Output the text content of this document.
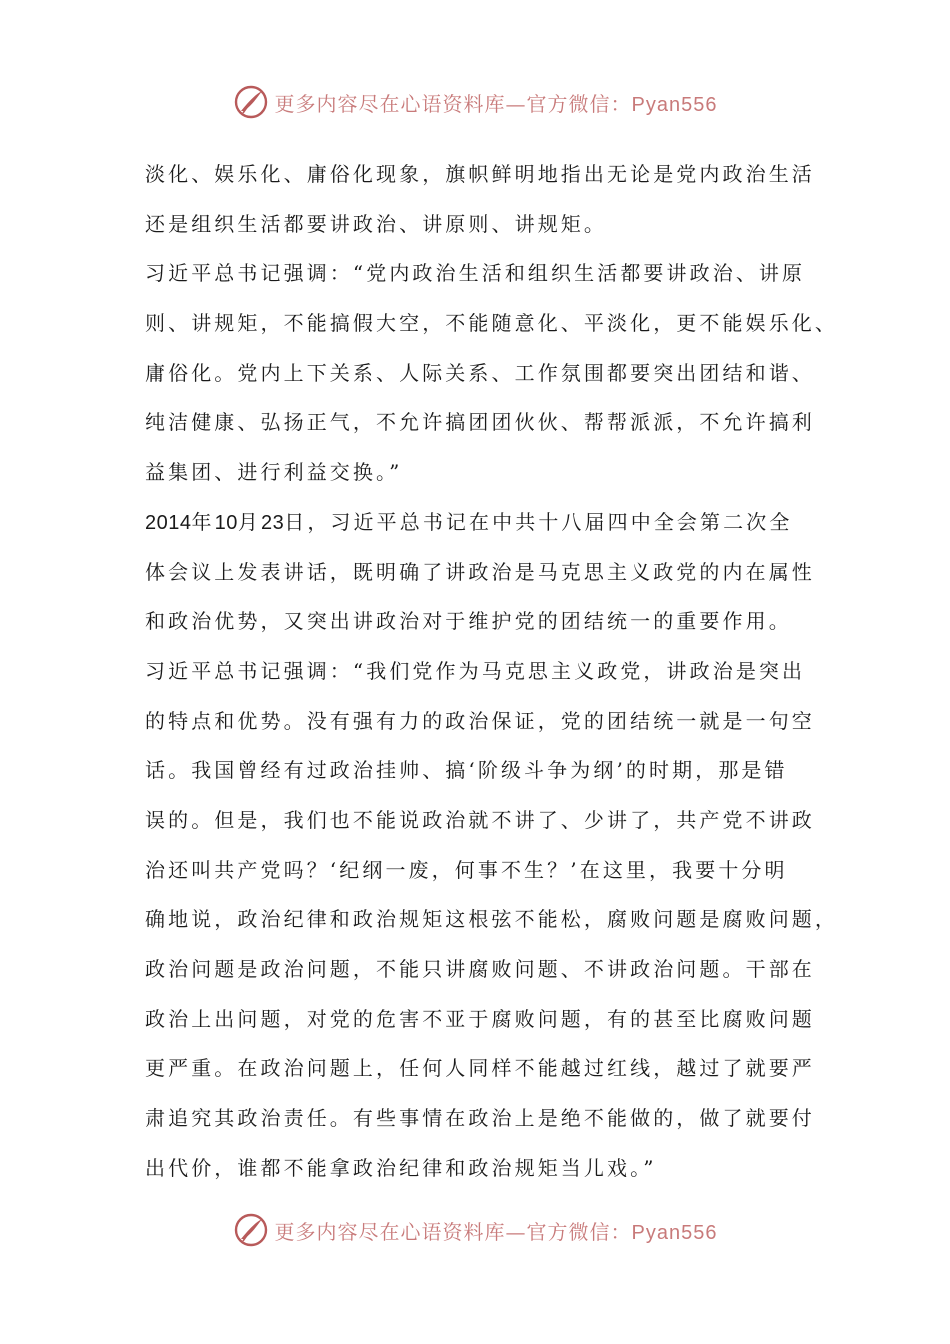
更多内容尽在心语资料库—官方微信：Pyan556
淡化、娱乐化、庸俗化现象，旗帜鲜明地指出无论是党内政治生活
还是组织生活都要讲政治、讲原则、讲规矩。
习近平总书记强调：“党内政治生活和组织生活都要讲政治、讲原
则、讲规矩，不能搞假大空，不能随意化、平淡化，更不能娱乐化、
庸俗化。党内上下关系、人际关系、工作氛围都要突出团结和谐、
纯洁健康、弘扬正气，不允许搞团团伙伙、帮帮派派，不允许搞利
益集团、进行利益交换。”
2014年10月23日，习近平总书记在中共十八届四中全会第二次全
体会议上发表讲话，既明确了讲政治是马克思主义政党的内在属性
和政治优势，又突出讲政治对于维护党的团结统一的重要作用。
习近平总书记强调：“我们党作为马克思主义政党，讲政治是突出
的特点和优势。没有强有力的政治保证，党的团结统一就是一句空
话。我国曾经有过政治挂帅、搞‘阶级斗争为纲’的时期，那是错
误的。但是，我们也不能说政治就不讲了、少讲了，共产党不讲政
治还叫共产党吗？‘纪纲一废，何事不生？’在这里，我要十分明
确地说，政治纪律和政治规矩这根弦不能松，腐败问题是腐败问题，
政治问题是政治问题，不能只讲腐败问题、不讲政治问题。干部在
政治上出问题，对党的危害不亚于腐败问题，有的甚至比腐败问题
更严重。在政治问题上，任何人同样不能越过红线，越过了就要严
肃追究其政治责任。有些事情在政治上是绝不能做的，做了就要付
出代价，谁都不能拿政治纪律和政治规矩当儿戏。”
更多内容尽在心语资料库—官方微信：Pyan556
